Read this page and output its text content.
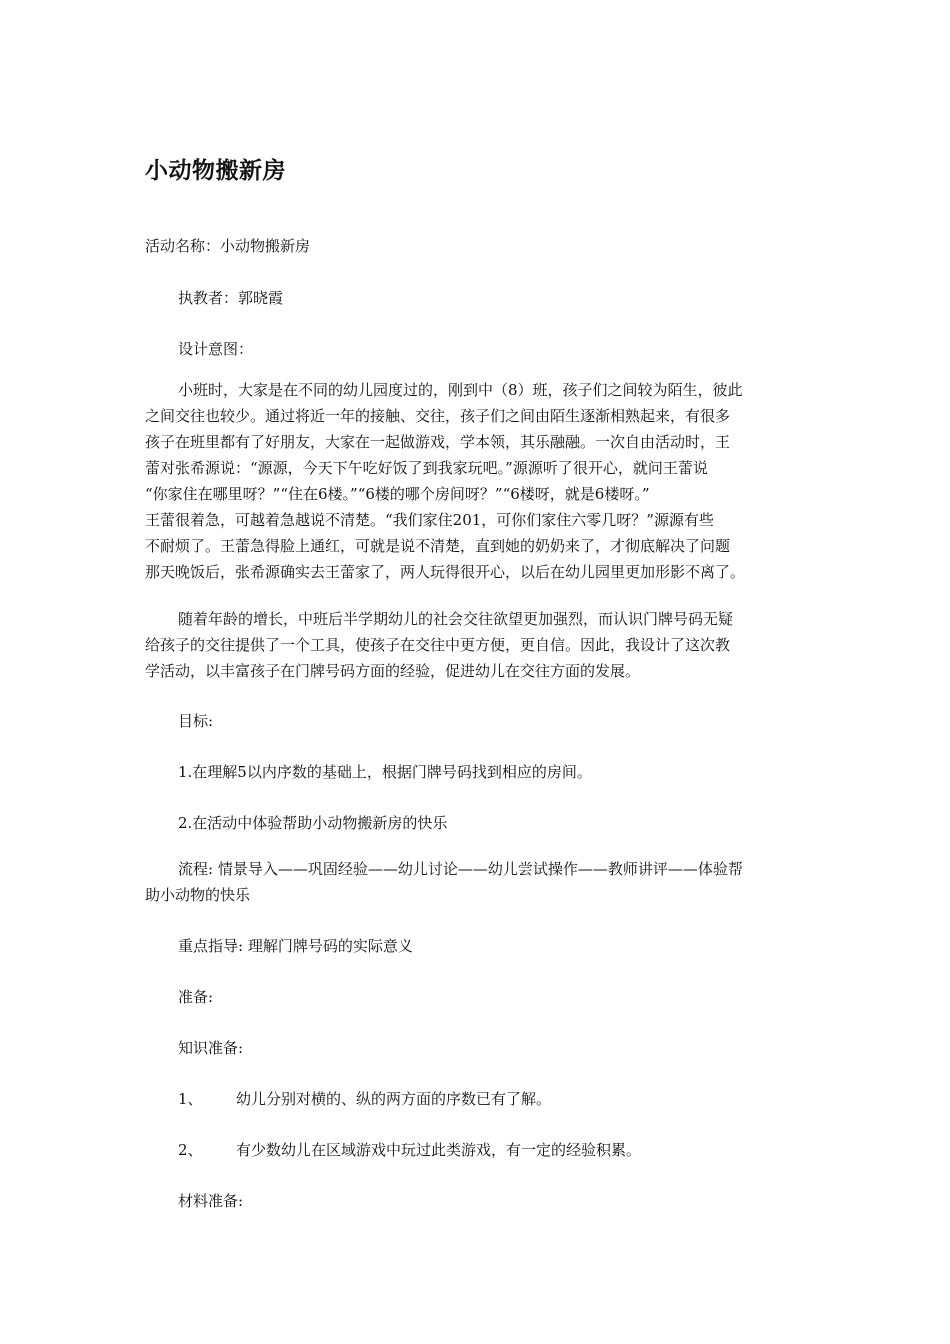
小动物搬新房
活动名称：小动物搬新房
执教者：郭晓霞
设计意图：
小班时，大家是在不同的幼儿园度过的，刚到中（8）班，孩子们之间较为陌生，彼此
之间交往也较少。通过将近一年的接触、交往，孩子们之间由陌生逐渐相熟起来，有很多
孩子在班里都有了好朋友，大家在一起做游戏，学本领，其乐融融。一次自由活动时，王
蕾对张希源说：“源源，今天下午吃好饭了到我家玩吧。”源源听了很开心，就问王蕾说
“你家住在哪里呀？”“住在6楼。”“6楼的哪个房间呀？”“6楼呀，就是6楼呀。”
王蕾很着急，可越着急越说不清楚。“我们家住201，可你们家住六零几呀？”源源有些
不耐烦了。王蕾急得脸上通红，可就是说不清楚，直到她的奶奶来了，才彻底解决了问题
那天晚饭后，张希源确实去王蕾家了，两人玩得很开心，以后在幼儿园里更加形影不离了。
随着年龄的增长，中班后半学期幼儿的社会交往欲望更加强烈，而认识门牌号码无疑
给孩子的交往提供了一个工具，使孩子在交往中更方便，更自信。因此，我设计了这次教
学活动，以丰富孩子在门牌号码方面的经验，促进幼儿在交往方面的发展。
目标:
1.在理解5以内序数的基础上，根据门牌号码找到相应的房间。
2.在活动中体验帮助小动物搬新房的快乐
流程: 情景导入——巩固经验——幼儿讨论——幼儿尝试操作——教师讲评——体验帮
助小动物的快乐
重点指导: 理解门牌号码的实际意义
准备:
知识准备:
1、 幼儿分别对横的、纵的两方面的序数已有了解。
2、 有少数幼儿在区域游戏中玩过此类游戏，有一定的经验积累。
材料准备:
